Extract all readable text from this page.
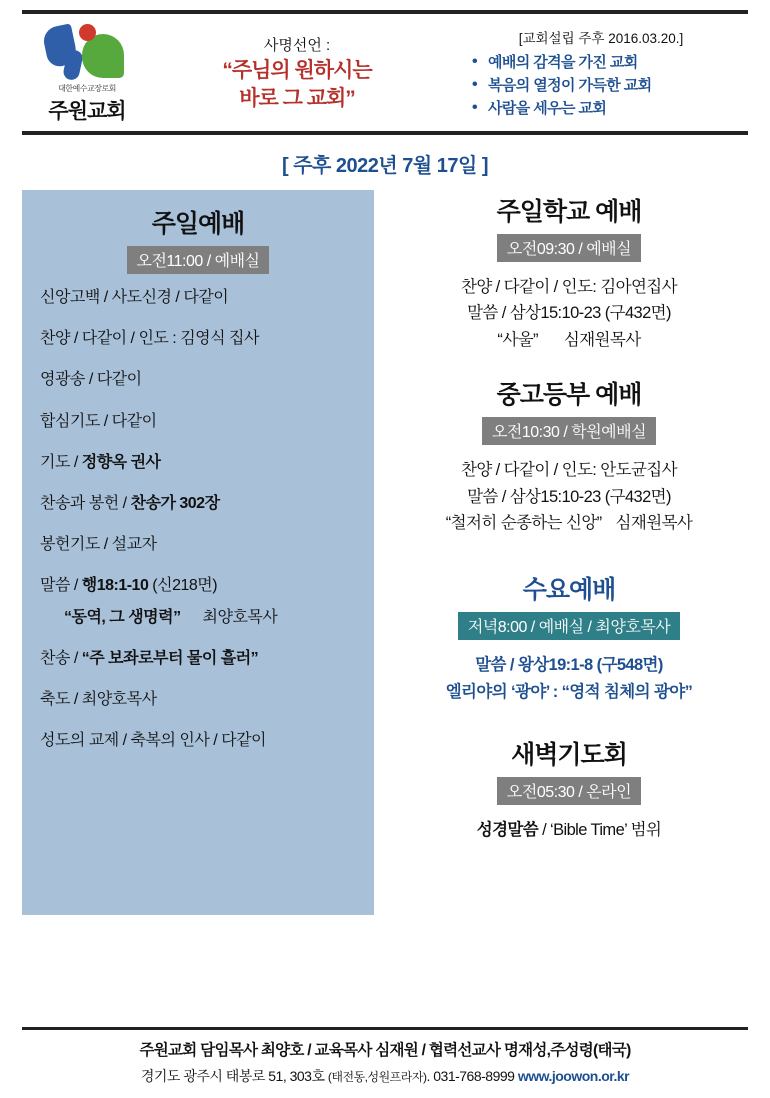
대한예수교장로회
주원교회
사명선언 :
“주님의 원하시는
바로 그 교회”
[교회설립 주후 2016.03.20.]
• 예배의 감격을 가진 교회
• 복음의 열정이 가득한 교회
• 사람을 세우는 교회
[ 주후 2022년 7월 17일 ]
주일예배
오전11:00 / 예배실
신앙고백 / 사도신경 / 다같이
찬양 / 다같이 / 인도 : 김영식 집사
영광송 / 다같이
합심기도 / 다같이
기도 / 정향옥 권사
찬송과 봉헌 / 찬송가 302장
봉헌기도 / 설교자
말씀 / 행18:1-10 (신218면)
“동역, 그 생명력” 최양호목사
찬송 / “주 보좌로부터 물이 흘러”
축도 / 최양호목사
성도의 교제 / 축복의 인사 / 다같이
주일학교 예배
오전09:30 / 예배실
찬양 / 다같이 / 인도: 김아연집사
말씀 / 삼상15:10-23 (구432면)
“사울” 심재원목사
중고등부 예배
오전10:30 / 학원예배실
찬양 / 다같이 / 인도: 안도균집사
말씀 / 삼상15:10-23 (구432면)
“철저히 순종하는 신앙” 심재원목사
수요예배
저녁8:00 / 예배실 / 최양호목사
말씀 / 왕상19:1-8 (구548면)
엘리야의 ‘광야’ : “영적 침체의 광야”
새벽기도회
오전05:30 / 온라인
성경말씀 / ‘Bible Time’ 범위
주원교회 담임목사 최양호 / 교육목사 심재원 / 협력선교사 명재성,주성령(태국)
경기도 광주시 태봉로 51, 303호 (태전동,성원프라자). 031-768-8999 www.joowon.or.kr
